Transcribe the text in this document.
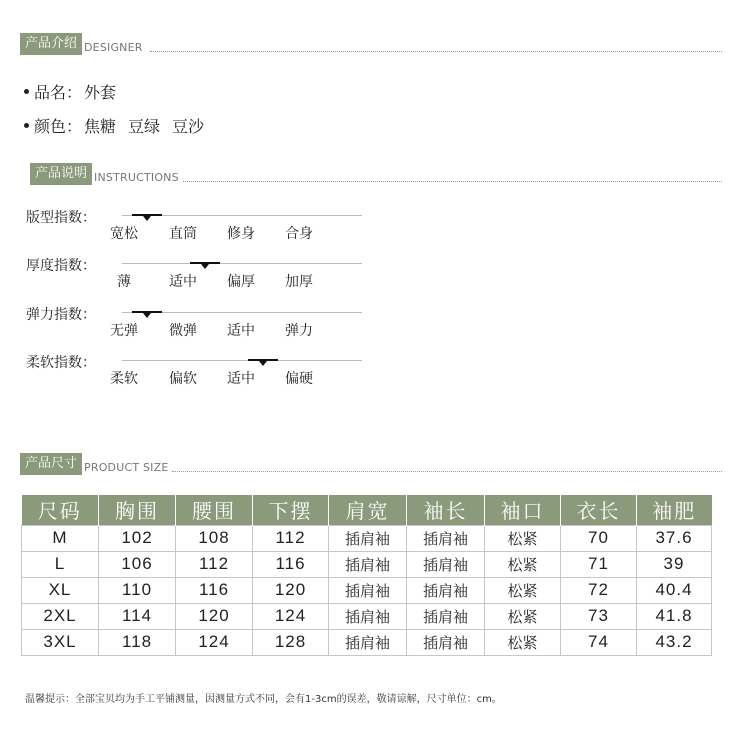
产品介绍 DESIGNER
品名： 外套
颜色： 焦糖 豆绿 豆沙
产品说明 INSTRUCTIONS
版型指数：
宽松	直筒	修身	合身
厚度指数：
薄	适中	偏厚	加厚
弹力指数：
无弹	微弹	适中	弹力
柔软指数：
柔软	偏软	适中	偏硬
产品尺寸 PRODUCT SIZE
尺码	胸围	腰围	下摆	肩宽	袖长	袖口	衣长	袖肥
M	102	108	112	插肩袖	插肩袖	松紧	70	37.6
L	106	112	116	插肩袖	插肩袖	松紧	71	39
XL	110	116	120	插肩袖	插肩袖	松紧	72	40.4
2XL	114	120	124	插肩袖	插肩袖	松紧	73	41.8
3XL	118	124	128	插肩袖	插肩袖	松紧	74	43.2
温馨提示：全部宝贝均为手工平铺测量，因测量方式不同，会有1-3cm的误差，敬请谅解，尺寸单位：cm。
